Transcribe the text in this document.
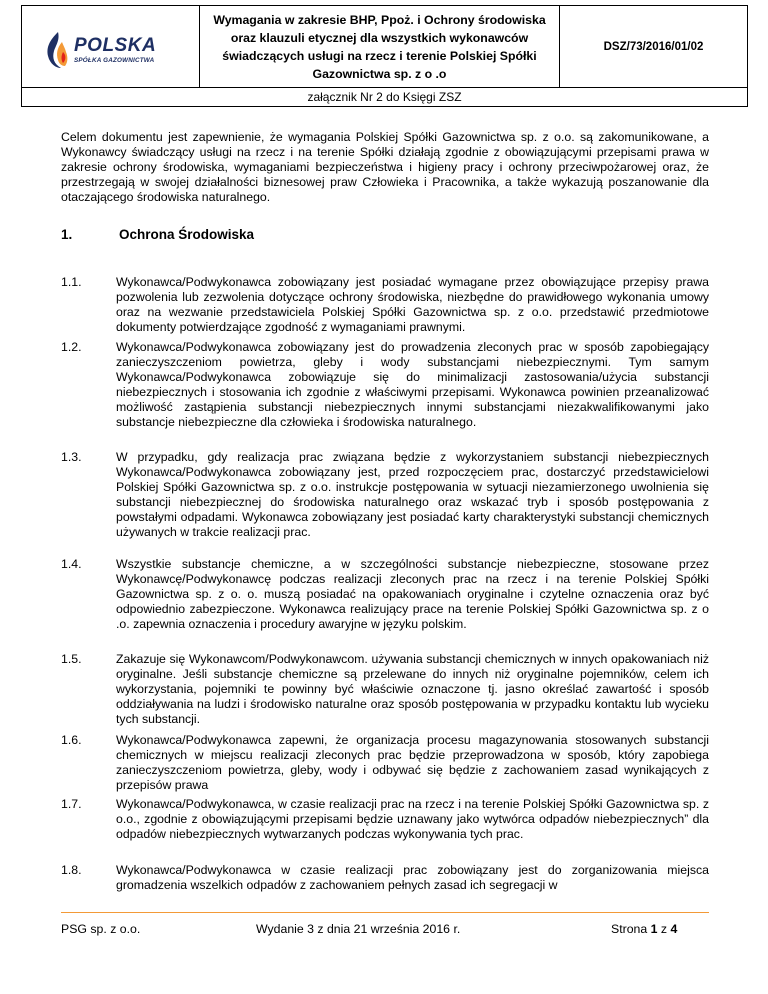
POLSKA
SPÓŁKA GAZOWNICTWA
Wymagania w zakresie BHP, Ppoż. i Ochrony środowiska oraz klauzuli etycznej dla wszystkich wykonawców świadczących usługi na rzecz i terenie Polskiej Spółki Gazownictwa sp. z o .o
DSZ/73/2016/01/02
załącznik Nr 2 do Księgi ZSZ

Celem dokumentu jest zapewnienie, że wymagania Polskiej Spółki Gazownictwa sp. z o.o. są zakomunikowane, a Wykonawcy świadczący usługi na rzecz i na terenie Spółki działają zgodnie z obowiązującymi przepisami prawa w zakresie ochrony środowiska, wymaganiami bezpieczeństwa i higieny pracy i ochrony przeciwpożarowej oraz, że przestrzegają w swojej działalności biznesowej praw Człowieka i Pracownika, a także wykazują poszanowanie dla otaczającego środowiska naturalnego.

1.	Ochrona Środowiska
1.1.	Wykonawca/Podwykonawca zobowiązany jest posiadać wymagane przez obowiązujące przepisy prawa pozwolenia lub zezwolenia dotyczące ochrony środowiska, niezbędne do prawidłowego wykonania umowy oraz na wezwanie przedstawiciela Polskiej Spółki Gazownictwa sp. z o.o. przedstawić przedmiotowe dokumenty potwierdzające zgodność z wymaganiami prawnymi.
1.2.	Wykonawca/Podwykonawca zobowiązany jest do prowadzenia zleconych prac w sposób zapobiegający zanieczyszczeniom powietrza, gleby i wody substancjami niebezpiecznymi. Tym samym Wykonawca/Podwykonawca zobowiązuje się do minimalizacji zastosowania/użycia substancji niebezpiecznych i stosowania ich zgodnie z właściwymi przepisami. Wykonawca powinien przeanalizować możliwość zastąpienia substancji niebezpiecznych innymi substancjami niezakwalifikowanymi jako substancje niebezpieczne dla człowieka i środowiska naturalnego.
1.3.	W przypadku, gdy realizacja prac związana będzie z wykorzystaniem substancji niebezpiecznych Wykonawca/Podwykonawca zobowiązany jest, przed rozpoczęciem prac, dostarczyć przedstawicielowi Polskiej Spółki Gazownictwa sp. z o.o. instrukcje postępowania w sytuacji niezamierzonego uwolnienia się substancji niebezpiecznej do środowiska naturalnego oraz wskazać tryb i sposób postępowania z powstałymi odpadami. Wykonawca zobowiązany jest posiadać karty charakterystyki substancji chemicznych używanych w trakcie realizacji prac.
1.4.	Wszystkie substancje chemiczne, a w szczególności substancje niebezpieczne, stosowane przez Wykonawcę/Podwykonawcę podczas realizacji zleconych prac na rzecz i na terenie Polskiej Spółki Gazownictwa sp. z o. o. muszą posiadać na opakowaniach oryginalne i czytelne oznaczenia oraz być odpowiednio zabezpieczone. Wykonawca realizujący prace na terenie Polskiej Spółki Gazownictwa sp. z o .o. zapewnia oznaczenia i procedury awaryjne w języku polskim.
1.5.	Zakazuje się Wykonawcom/Podwykonawcom. używania substancji chemicznych w innych opakowaniach niż oryginalne. Jeśli substancje chemiczne są przelewane do innych niż oryginalne pojemników, celem ich wykorzystania, pojemniki te powinny być właściwie oznaczone tj. jasno określać zawartość i sposób oddziaływania na ludzi i środowisko naturalne oraz sposób postępowania w przypadku kontaktu lub wycieku tych substancji.
1.6.	Wykonawca/Podwykonawca zapewni, że organizacja procesu magazynowania stosowanych substancji chemicznych w miejscu realizacji zleconych prac będzie przeprowadzona w sposób, który zapobiega zanieczyszczeniom powietrza, gleby, wody i odbywać się będzie z zachowaniem zasad wynikających z przepisów prawa
1.7.	Wykonawca/Podwykonawca, w czasie realizacji prac na rzecz i na terenie Polskiej Spółki Gazownictwa sp. z o.o., zgodnie z obowiązującymi przepisami będzie uznawany jako wytwórca odpadów niebezpiecznych” dla odpadów niebezpiecznych wytwarzanych podczas wykonywania tych prac.
1.8.	Wykonawca/Podwykonawca w czasie realizacji prac zobowiązany jest do zorganizowania miejsca gromadzenia wszelkich odpadów z zachowaniem pełnych zasad ich segregacji w
PSG sp. z o.o.	Wydanie 3 z dnia 21 września 2016 r.	Strona 1 z 4
